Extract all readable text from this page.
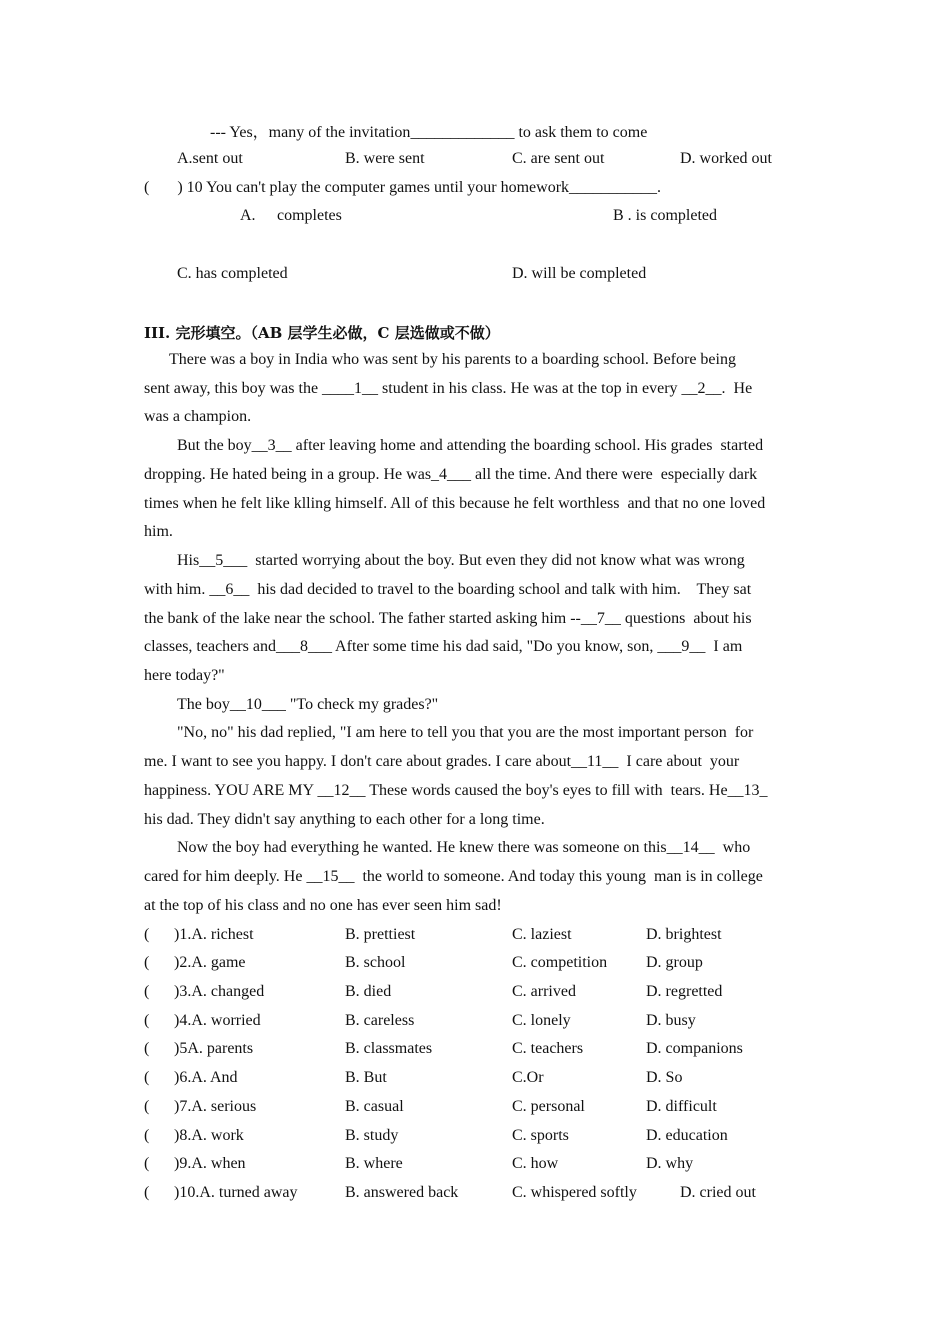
--- Yes，many of the invitation_____________ to ask them to come
A.sent out	B. were sent	C. are sent out	D. worked out
( ) 10 You can't play the computer games until your homework___________.
A. completes	B . is completed
C. has completed	D. will be completed
III. 完形填空。（AB 层学生必做，C 层选做或不做）
There was a boy in India who was sent by his parents to a boarding school. Before being
sent away, this boy was the ____1__ student in his class. He was at the top in every __2__.  He
was a champion.
But the boy__3__ after leaving home and attending the boarding school. His grades  started
dropping. He hated being in a group. He was_4___ all the time. And there were  especially dark
times when he felt like klling himself. All of this because he felt worthless  and that no one loved
him.
His__5___  started worrying about the boy. But even they did not know what was wrong
with him. __6__  his dad decided to travel to the boarding school and talk with him.    They sat
the bank of the lake near the school. The father started asking him --__7__ questions  about his
classes, teachers and___8___ After some time his dad said, "Do you know, son, ___9__  I am
here today?"
The boy__10___ "To check my grades?"
"No, no" his dad replied, "I am here to tell you that you are the most important person  for
me. I want to see you happy. I don't care about grades. I care about__11__  I care about  your
happiness. YOU ARE MY __12__ These words caused the boy's eyes to fill with  tears. He__13_
his dad. They didn't say anything to each other for a long time.
Now the boy had everything he wanted. He knew there was someone on this__14__  who
cared for him deeply. He __15__  the world to someone. And today this young  man is in college
at the top of his class and no one has ever seen him sad!
( )1.A. richest	B. prettiest	C. laziest	D. brightest
( )2.A. game	B. school	C. competition D. group
( )3.A. changed	B. died	C. arrived	D. regretted
( )4.A. worried	B. careless	C. lonely	D. busy
( )5A. parents	B. classmates	C. teachers	D. companions
( )6.A. And	B. But	C.Or	D. So
( )7.A. serious	B. casual	C. personal	D. difficult
( )8.A. work	B. study	C. sports	D. education
( )9.A. when	B. where	C. how	D. why
( )10.A. turned away	B. answered back	C. whispered softly	D. cried out
